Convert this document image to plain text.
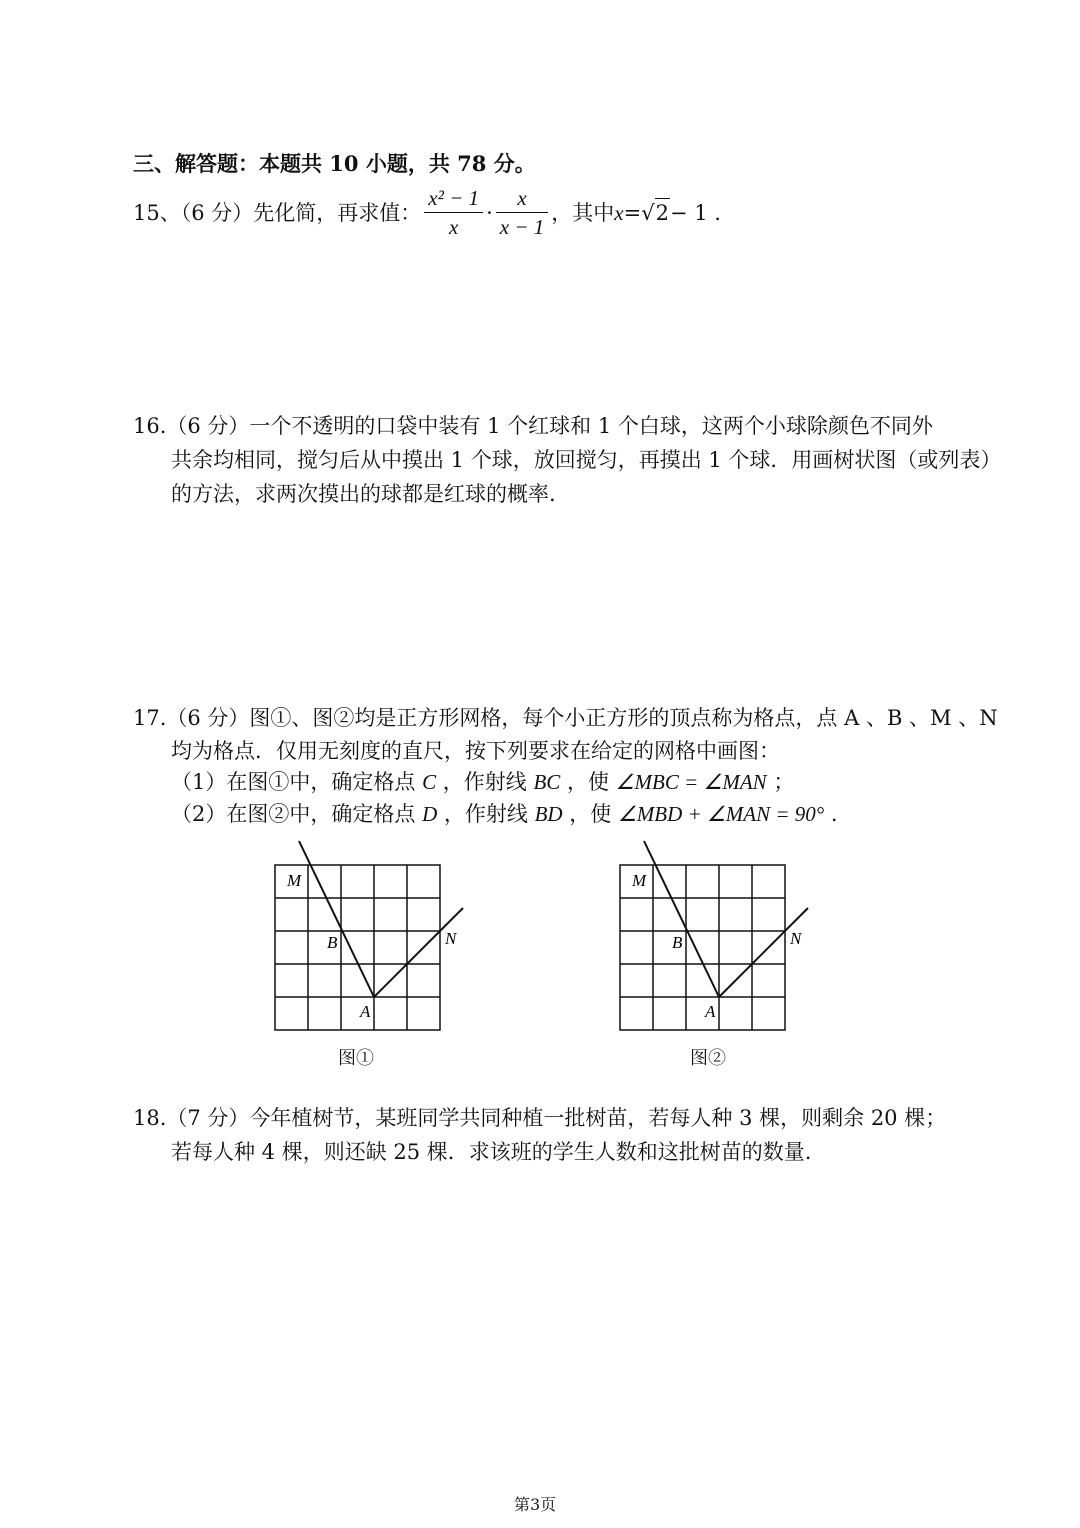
三、解答题：本题共 10 小题，共 78 分。
15、（6 分）先化简，再求值： $\frac{\text{x² − 1}}{x} \cdot \frac{x}{x - 1}$ ，其中 x = √ 2 − 1 .
16.（6 分）一个不透明的口袋中装有 1 个红球和 1 个白球，这两个小球除颜色不同外
共余均相同，搅匀后从中摸出 1 个球，放回搅匀，再摸出 1 个球．用画树状图（或列表）
的方法，求两次摸出的球都是红球的概率.
17.（6 分）图①、图②均是正方形网格，每个小正方形的顶点称为格点，点 A 、B 、M 、N
均为格点．仅用无刻度的直尺，按下列要求在给定的网格中画图：
（1）在图①中，确定格点 C ，作射线 BC ，使 ∠MBC = ∠MAN ；
（2）在图②中，确定格点 D ，作射线 BD ，使 ∠MBD + ∠MAN = 90° .
M
B
A
N
图①
M
B
A
N
图②
18.（7 分）今年植树节，某班同学共同种植一批树苗，若每人种 3 棵，则剩余 20 棵；
若每人种 4 棵，则还缺 25 棵．求该班的学生人数和这批树苗的数量.
第3页
